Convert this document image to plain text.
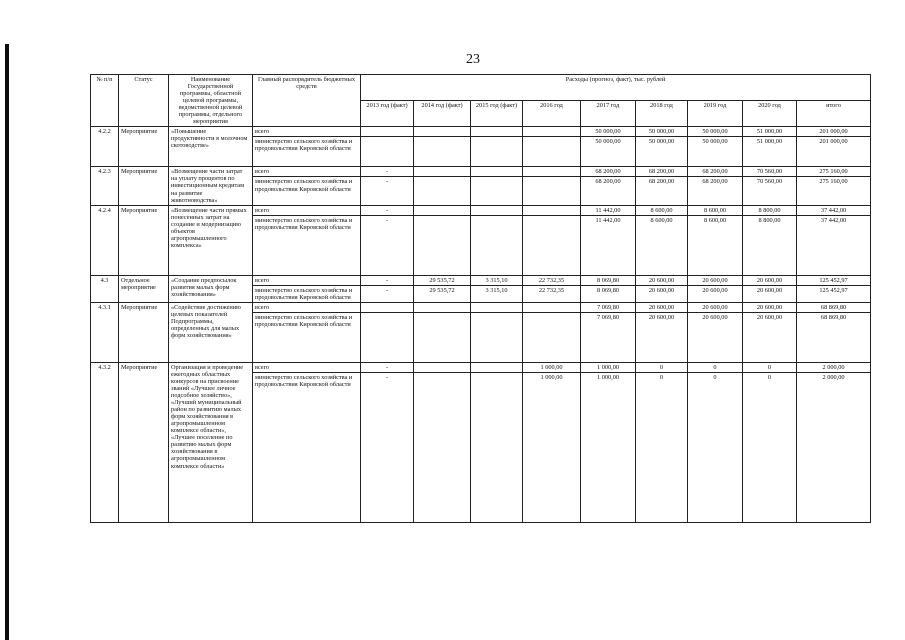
23
№ п/п	Статус	Наименование Государственной программы, областной целевой программы, ведомственной целевой программы, отдельного мероприятия	Главный распорядитель бюджетных средств	Расходы (прогноз, факт), тыс. рублей								
				2013 год (факт)	2014 год (факт)	2015 год (факт)	2016 год	2017 год	2018 год	2019 год	2020 год	итого
4.2.2	Мероприятие	«Повышение продуктивности в молочном скотоводстве»	всего					50 000,00	50 000,00	50 000,00	51 000,00	201 000,00
			министерство сельского хозяйства и продовольствия Кировской области					50 000,00	50 000,00	50 000,00	51 000,00	201 000,00
4.2.3	Мероприятие	«Возмещение части затрат на уплату процентов по инвестиционным кредитам на развитие животноводства»	всего	-				68 200,00	68 200,00	68 200,00	70 560,00	275 160,00
			министерство сельского хозяйства и продовольствия Кировской области	-				68 200,00	68 200,00	68 200,00	70 560,00	275 160,00
4.2.4	Мероприятие	«Возмещение части прямых понесенных затрат на создание и модернизацию объектов агропромышленного комплекса»	всего	-				11 442,00	8 600,00	8 600,00	8 800,00	37 442,00
			министерство сельского хозяйства и продовольствия Кировской области	-				11 442,00	8 600,00	8 600,00	8 800,00	37 442,00
4.3	Отдельное мероприятие	«Создание предпосылок развития малых форм хозяйствования»	всего	-	29 535,72	3 315,10	22 732,35	8 069,80	20 600,00	20 600,00	20 600,00	125 452,97
			министерство сельского хозяйства и продовольствия Кировской области	-	29 535,72	3 315,10	22 732,35	8 069,80	20 600,00	20 600,00	20 600,00	125 452,97
4.3.1	Мероприятие	«Содействие достижению целевых показателей Подпрограммы, определенных для малых форм хозяйствования»	всего					7 069,80	20 600,00	20 600,00	20 600,00	68 869,80
			министерство сельского хозяйства и продовольствия Кировской области					7 069,80	20 600,00	20 600,00	20 600,00	68 869,80
4.3.2	Мероприятие	Организация и проведение ежегодных областных конкурсов на присвоение званий «Лучшее личное подсобное хозяйство», «Лучший муниципальный район по развитию малых форм хозяйствования в агропромышленном комплексе области», «Лучшее поселение по развитию малых форм хозяйствования в агропромышленном комплексе области»	всего	-			1 000,00	1 000,00	0	0	0	2 000,00
			министерство сельского хозяйства и продовольствия Кировской области	-			1 000,00	1 000,00	0	0	0	2 000,00
